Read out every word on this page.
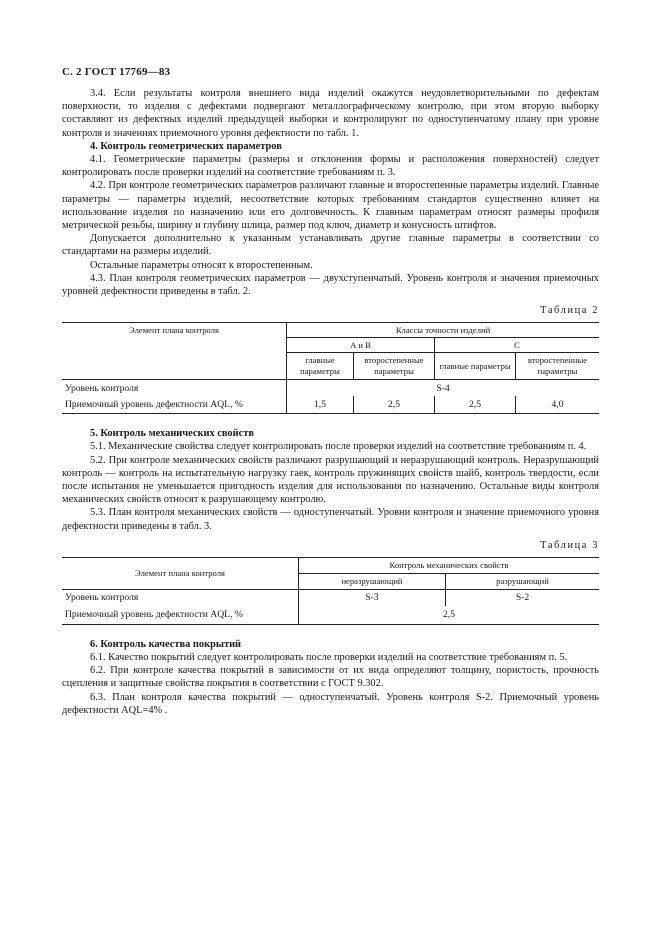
С. 2 ГОСТ 17769—83

3.4. Если результаты контроля внешнего вида изделий окажутся неудовлетворительными по дефектам поверхности, то изделия с дефектами подвергают металлографическому контролю, при этом вторую выборку составляют из дефектных изделий предыдущей выборки и контролируют по одноступенчатому плану при уровне контроля и значениях приемочного уровня дефектности по табл. 1.

4. Контроль геометрических параметров

4.1. Геометрические параметры (размеры и отклонения формы и расположения поверхностей) следует контролировать после проверки изделий на соответствие требованиям п. 3.

4.2. При контроле геометрических параметров различают главные и второстепенные параметры изделий. Главные параметры — параметры изделий, несоответствие которых требованиям стандартов существенно влияет на использование изделия по назначению или его долговечность. К главным параметрам относят размеры профиля метрической резьбы, ширину и глубину шлица, размер под ключ, диаметр и конусность штифтов.

Допускается дополнительно к указанным устанавливать другие главные параметры в соответствии со стандартами на размеры изделий.

Остальные параметры относят к второстепенным.

4.3. План контроля геометрических параметров — двухступенчатый. Уровень контроля и значения приемочных уровней дефектности приведены в табл. 2.

Таблица 2
Элемент плана контроля	Классы точности изделий			
	А и В		С	
	главные параметры	второстепенные параметры	главные параметры	второстепенные параметры
Уровень контроля	S-4			
Приемочный уровень дефектности AQL, %	1,5	2,5	2,5	4,0

5. Контроль механических свойств

5.1. Механические свойства следует контролировать после проверки изделий на соответствие требованиям п. 4.

5.2. При контроле механических свойств различают разрушающий и неразрушающий контроль. Неразрушающий контроль — контроль на испытательную нагрузку гаек, контроль пружинящих свойств шайб, контроль твердости, если после испытания не уменьшается пригодность изделия для использования по назначению. Остальные виды контроля механических свойств относят к разрушающему контролю.

5.3. План контроля механических свойств — одноступенчатый. Уровни контроля и значение приемочного уровня дефектности приведены в табл. 3.

Таблица 3
Элемент плана контроля	Контроль механических свойств	
	неразрушающий	разрушающий
Уровень контроля	S-3	S-2
Приемочный уровень дефектности AQL, %	2,5	

6. Контроль качества покрытий

6.1. Качество покрытий следует контролировать после проверки изделий на соответствие требованиям п. 5.

6.2. При контроле качества покрытий в зависимости от их вида определяют толщину, пористость, прочность сцепления и защитные свойства покрытия в соответствии с ГОСТ 9.302.

6.3. План контроля качества покрытий — одноступенчатый. Уровень контроля S-2. Приемочный уровень дефектности AQL=4% .
